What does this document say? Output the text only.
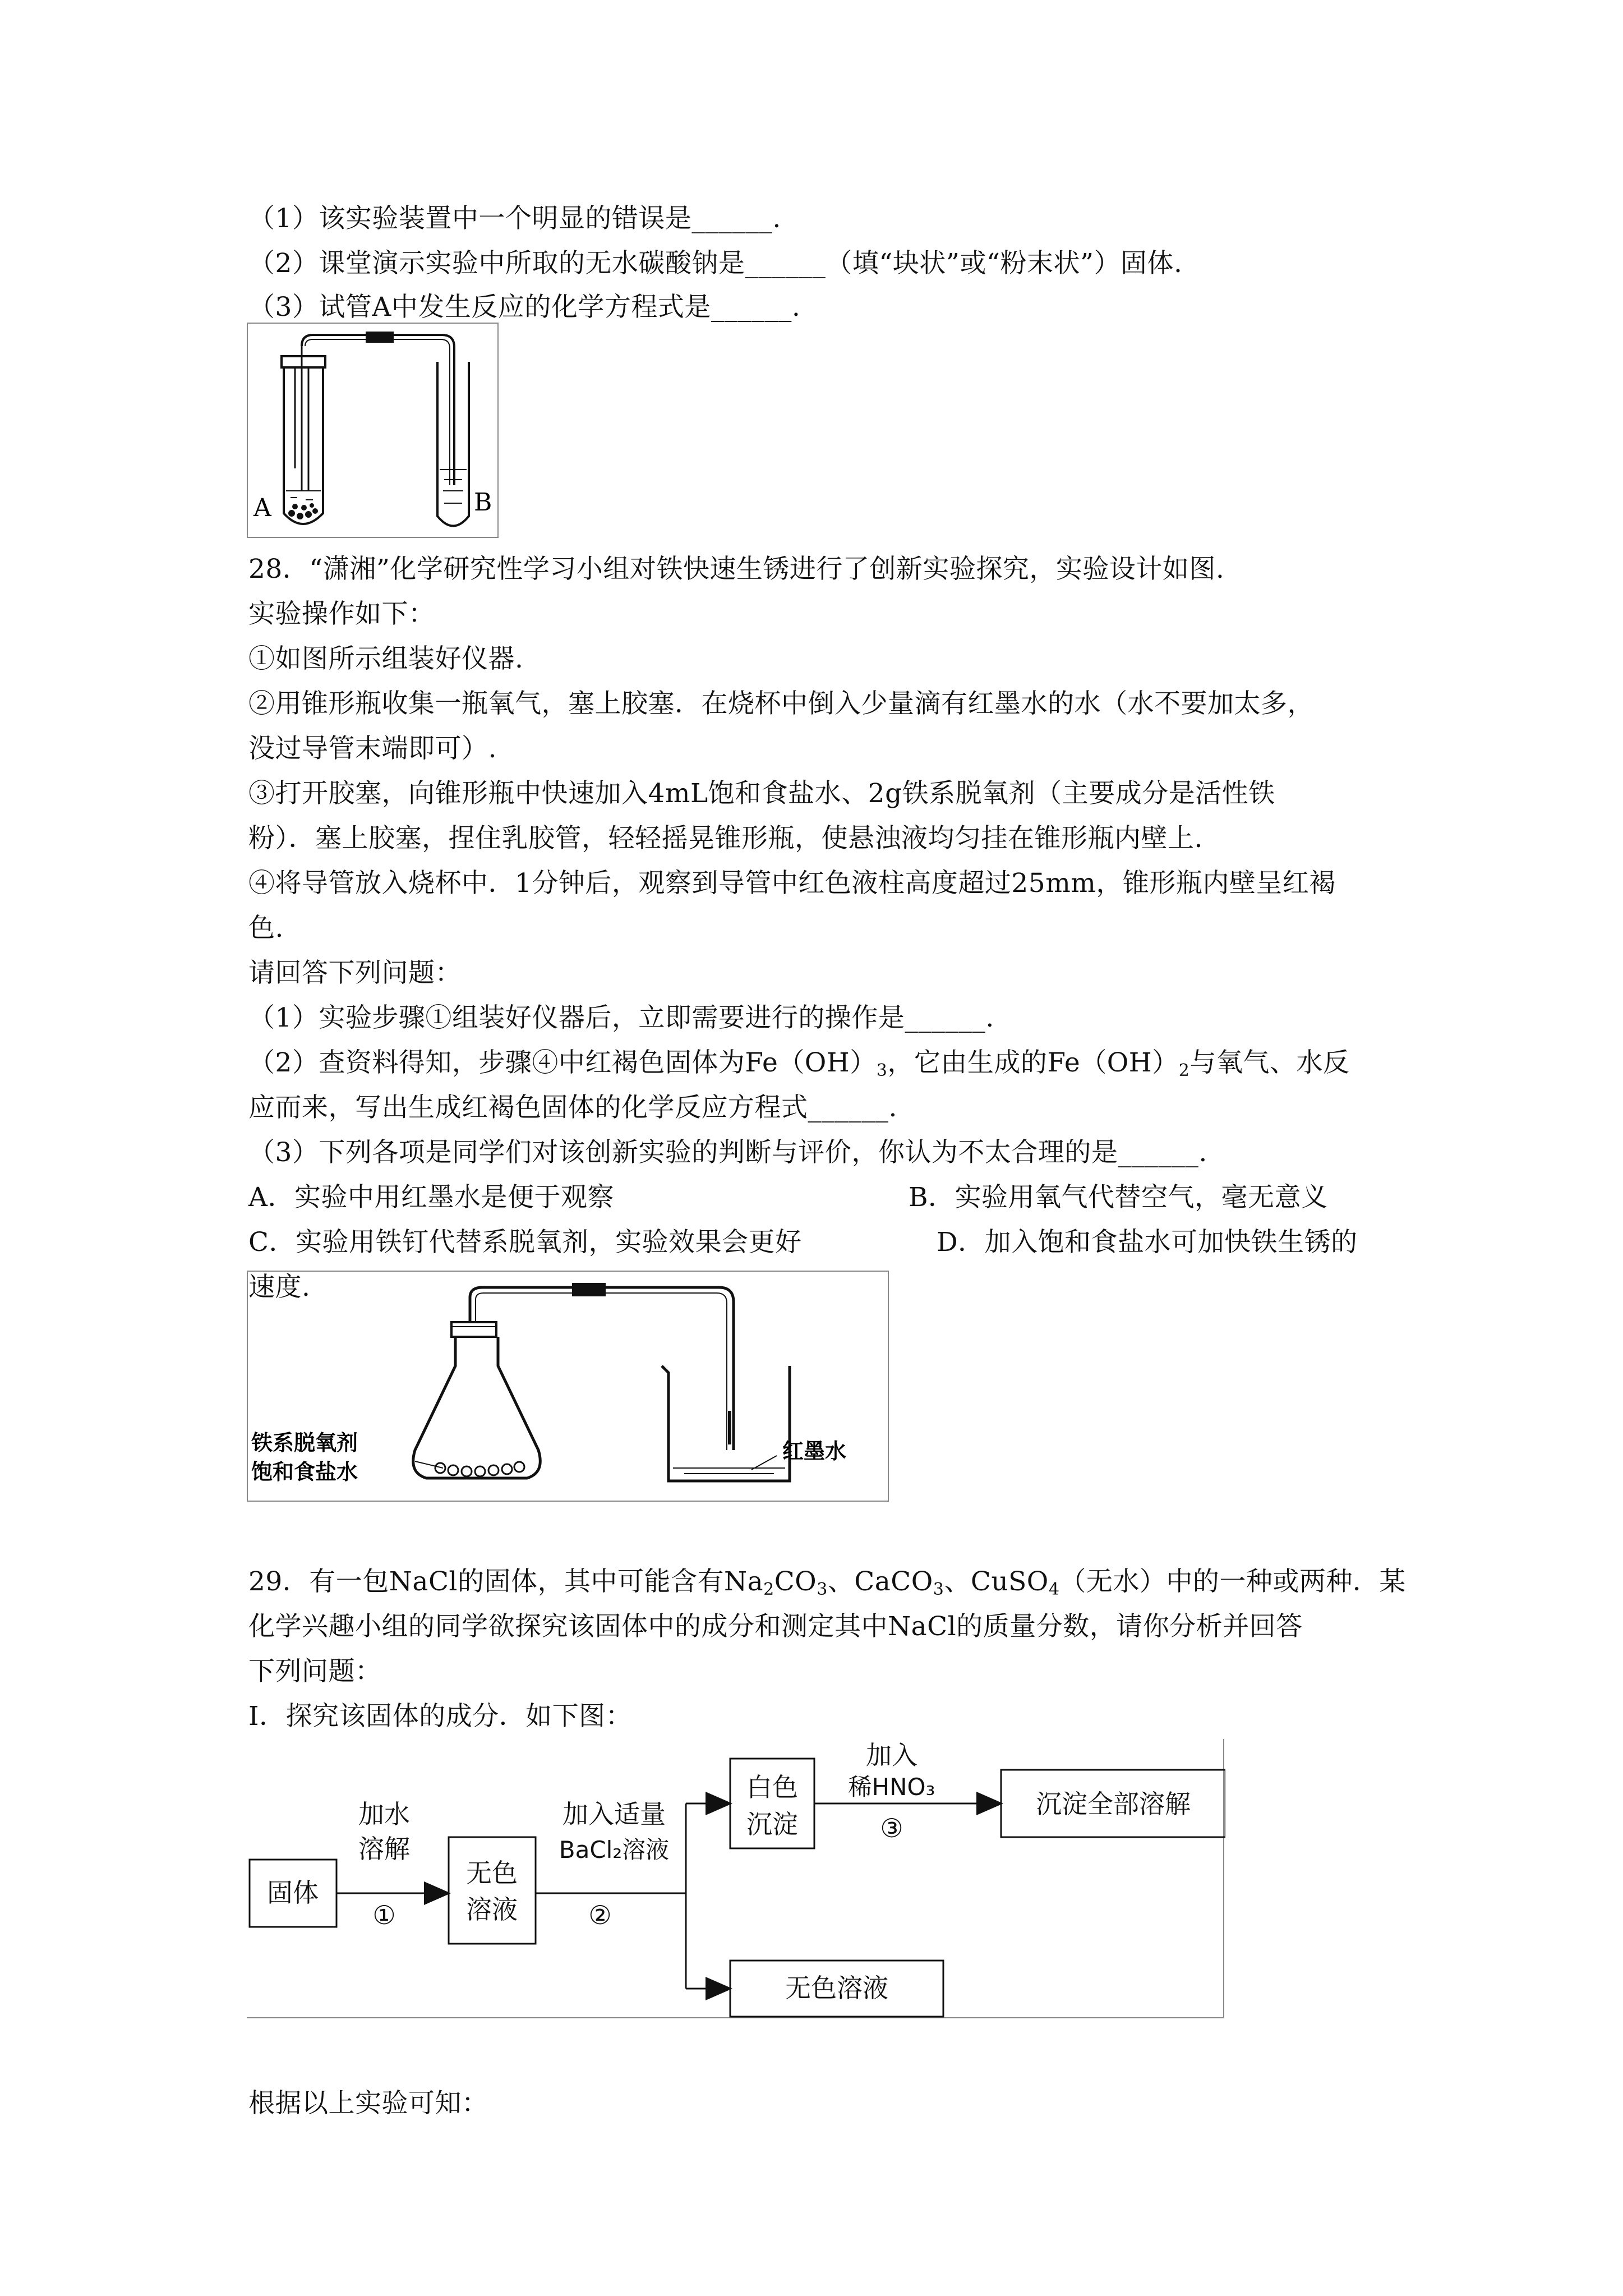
（1）该实验装置中一个明显的错误是______.
（2）课堂演示实验中所取的无水碳酸钠是______（填“块状”或“粉末状”）固体.
（3）试管A中发生反应的化学方程式是______.
A	B
28．“潇湘”化学研究性学习小组对铁快速生锈进行了创新实验探究，实验设计如图.
实验操作如下：
①如图所示组装好仪器.
②用锥形瓶收集一瓶氧气，塞上胶塞．在烧杯中倒入少量滴有红墨水的水（水不要加太多，
没过导管末端即可）.
③打开胶塞，向锥形瓶中快速加入4mL饱和食盐水、2g铁系脱氧剂（主要成分是活性铁
粉）．塞上胶塞，捏住乳胶管，轻轻摇晃锥形瓶，使悬浊液均匀挂在锥形瓶内壁上.
④将导管放入烧杯中．1分钟后，观察到导管中红色液柱高度超过25mm，锥形瓶内壁呈红褐
色.
请回答下列问题：
（1）实验步骤①组装好仪器后，立即需要进行的操作是______.
（2）查资料得知，步骤④中红褐色固体为$Fe(OH)_3$，它由生成的$Fe(OH)_2$与氧气、水反
应而来，写出生成红褐色固体的化学反应方程式______.
（3）下列各项是同学们对该创新实验的判断与评价，你认为不太合理的是______.
A．实验中用红墨水是便于观察	B．实验用氧气代替空气，毫无意义
C．实验用铁钉代替系脱氧剂，实验效果会更好	D．加入饱和食盐水可加快铁生锈的
速度.
铁系脱氧剂
饱和食盐水
红墨水
29．有一包NaCl的固体，其中可能含有$Na_2CO_3$、CaCO$_3$、CuSO$_4$（无水）中的一种或两种．某
化学兴趣小组的同学欲探究该固体中的成分和测定其中NaCl的质量分数，请你分析并回答
下列问题：
Ⅰ．探究该固体的成分．如下图：
固体
加水
溶解
①
无色
溶液
加入适量
BaCl₂溶液
②
白色
沉淀
加入
稀HNO₃
③
沉淀全部溶解
无色溶液
根据以上实验可知：
